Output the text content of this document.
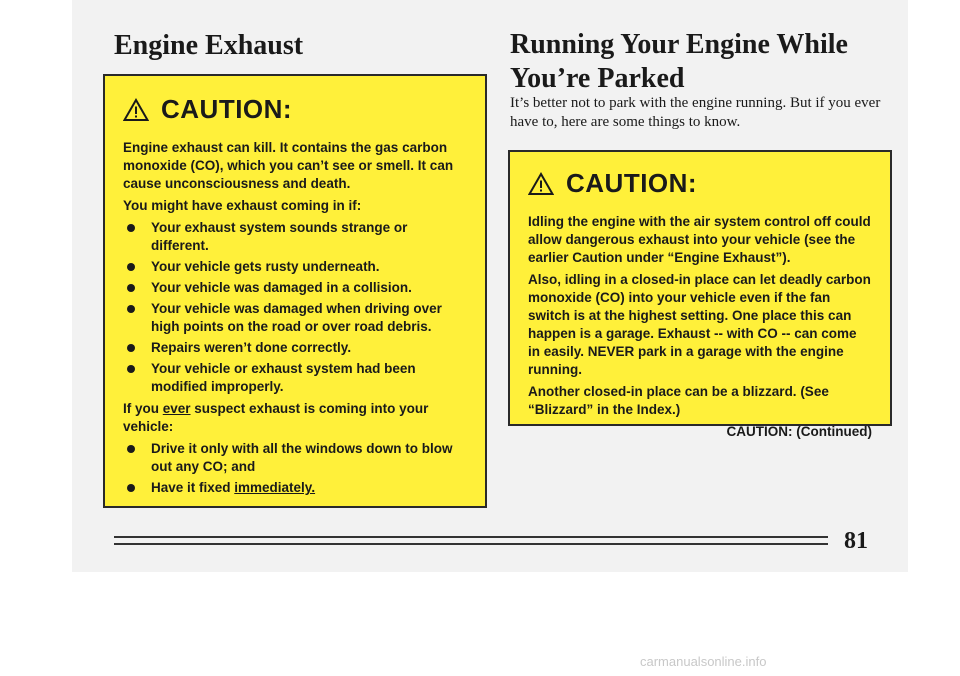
Engine Exhaust
CAUTION:

Engine exhaust can kill. It contains the gas carbon monoxide (CO), which you can’t see or smell. It can cause unconsciousness and death.

You might have exhaust coming in if:

Your exhaust system sounds strange or different.
Your vehicle gets rusty underneath.
Your vehicle was damaged in a collision.
Your vehicle was damaged when driving over high points on the road or over road debris.
Repairs weren’t done correctly.
Your vehicle or exhaust system had been modified improperly.

If you ever suspect exhaust is coming into your vehicle:

Drive it only with all the windows down to blow out any CO; and
Have it fixed immediately.
Running Your Engine While You’re Parked

It’s better not to park with the engine running. But if you ever have to, here are some things to know.

CAUTION:

Idling the engine with the air system control off could allow dangerous exhaust into your vehicle (see the earlier Caution under “Engine Exhaust”).

Also, idling in a closed-in place can let deadly carbon monoxide (CO) into your vehicle even if the fan switch is at the highest setting. One place this can happen is a garage. Exhaust -- with CO -- can come in easily. NEVER park in a garage with the engine running.

Another closed-in place can be a blizzard. (See “Blizzard” in the Index.)

CAUTION: (Continued)

81
carmanualsonline.info
